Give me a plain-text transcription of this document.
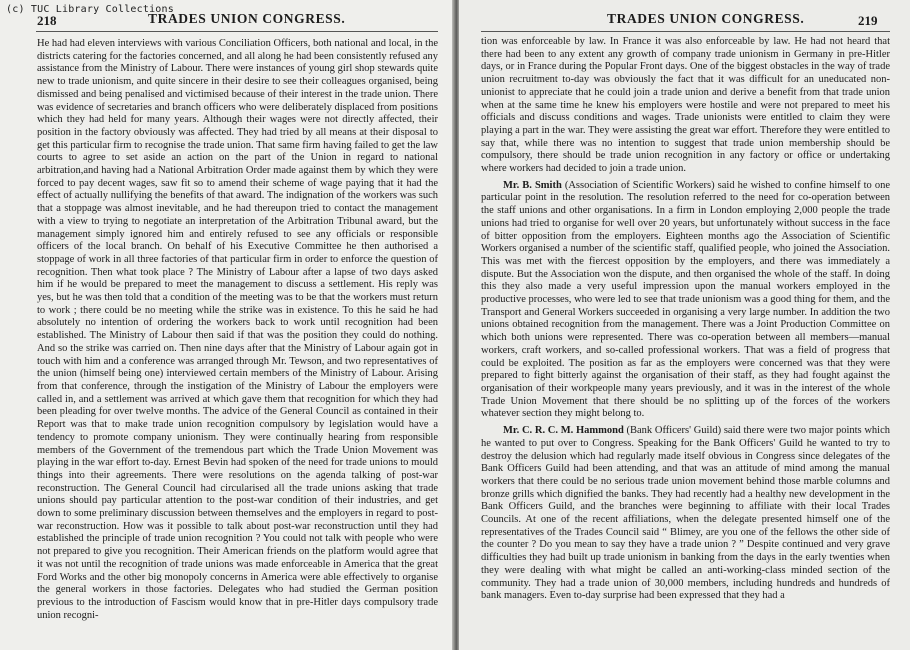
(c) TUC Library Collections
218	TRADES UNION CONGRESS.

He had had eleven interviews with various Conciliation Officers, both national and local, in the districts catering for the factories concerned, and all along he had been consistently refused any assistance from the Ministry of Labour. There were instances of young girl shop stewards quite new to trade unionism, and quite sincere in their desire to see their colleagues organised, being dismissed and being penalised and victimised because of their interest in the trade union. There was evidence of secretaries and branch officers who were deliberately displaced from positions which they had held for many years. Although their wages were not directly affected, their position in the factory obviously was affected. They had tried by all means at their disposal to get this particular firm to recognise the trade union. That same firm having failed to get the law courts to agree to set aside an action on the part of the Union in regard to national arbitration,and having had a National Arbitration Order made against them by which they were forced to pay decent wages, saw fit so to amend their scheme of wage paying that it had the effect of actually nullifying the benefits of that award. The indignation of the workers was such that a stoppage was almost inevitable, and he had thereupon tried to contact the management with a view to trying to negotiate an interpretation of the Arbitration Tribunal award, but the management simply ignored him and entirely refused to see any officials or responsible officers of the local branch. On behalf of his Executive Committee he then authorised a stoppage of work in all three factories of that particular firm in order to enforce the question of recognition. Then what took place ? The Ministry of Labour after a lapse of two days asked him if he would be prepared to meet the management to discuss a settlement. His reply was yes, but he was then told that a condition of the meeting was to be that the workers must return to work ; there could be no meeting while the strike was in existence. To this he said he had absolutely no intention of ordering the workers back to work until recognition had been established. The Ministry of Labour then said if that was the position they could do nothing. And so the strike was carried on. Then nine days after that the Ministry of Labour again got in touch with him and a conference was arranged through Mr. Tewson, and two representatives of the union (himself being one) interviewed certain members of the Ministry of Labour. Arising from that conference, through the instigation of the Ministry of Labour the employers were called in, and a settlement was arrived at which gave them that recognition for which they had been pleading for over twelve months. The advice of the General Council as contained in their Report was that to make trade union recognition compulsory by legislation would have a tendency to promote company unionism. They were continually hearing from responsible members of the Government of the tremendous part which the Trade Union Movement was playing in the war effort to-day. Ernest Bevin had spoken of the need for trade unions to mould things into their agreements. There were resolutions on the agenda talking of post-war reconstruction. The General Council had circularised all the trade unions asking that trade unions should pay particular attention to the post-war condition of their industries, and get down to some preliminary discussion between themselves and the employers in regard to post-war reconstruction. How was it possible to talk about post-war reconstruction until they had established the principle of trade union recognition ? You could not talk with people who were not prepared to give you recognition. Their American friends on the platform would agree that it was not until the recognition of trade unions was made enforceable in America that the great Ford Works and the other big monopoly concerns in America were able effectively to organise the general workers in those factories. Delegates who had studied the German position previous to the introduction of Fascism would know that in pre-Hitler days compulsory trade union recogni-

TRADES UNION CONGRESS.	219

tion was enforceable by law. In France it was also enforceable by law. He had not heard that there had been to any extent any growth of company trade unionism in Germany in pre-Hitler days, or in France during the Popular Front days. One of the biggest obstacles in the way of trade union recruitment to-day was obviously the fact that it was difficult for an uneducated non-unionist to appreciate that he could join a trade union and derive a benefit from that trade union when at the same time he knew his employers were hostile and were not prepared to meet his officials and discuss conditions and wages. Trade unionists were entitled to claim they were playing a part in the war. They were assisting the great war effort. Therefore they were entitled to say that, while there was no intention to suggest that trade union membership should be compulsory, there should be trade union recognition in any factory or office or undertaking where workers had decided to join a trade union.

Mr. B. Smith (Association of Scientific Workers) said he wished to confine himself to one particular point in the resolution. The resolution referred to the need for co-operation between the staff unions and other organisations. In a firm in London employing 2,000 people the trade unions had tried to organise for well over 20 years, but unfortunately without success in the face of bitter opposition from the employers. Eighteen months ago the Association of Scientific Workers organised a number of the scientific staff, qualified people, who joined the Association. This was met with the fiercest opposition by the employers, and there was immediately a dispute. But the Association won the dispute, and then organised the whole of the staff. In doing this they also made a very useful impression upon the manual workers employed in the productive processes, who were led to see that trade unionism was a good thing for them, and the Transport and General Workers succeeded in organising a very large number. In addition the two unions obtained recognition from the management. There was a Joint Production Committee on which both unions were represented. There was co-operation between all members—manual workers, craft workers, and so-called professional workers. That was a field of progress that could be exploited. The position as far as the employers were concerned was that they were prepared to fight bitterly against the organisation of their staff, as they had fought against the organisation of their workpeople many years previously, and it was in the interest of the whole Trade Union Movement that there should be no splitting up of the forces of the workers whatever section they might belong to.

Mr. C. R. C. M. Hammond (Bank Officers' Guild) said there were two major points which he wanted to put over to Congress. Speaking for the Bank Officers' Guild he wanted to try to destroy the delusion which had regularly made itself obvious in Congress since delegates of the Bank Officers Guild had been attending, and that was an attitude of mind among the manual workers that there could be no serious trade union movement behind those marble columns and bronze grills which dignified the banks. They had recently had a healthy new development in the Bank Officers Guild, and the branches were beginning to affiliate with their local Trades Councils. At one of the recent affiliations, when the delegate presented himself one of the representatives of the Trades Council said “ Blimey, are you one of the fellows the other side of the counter ? Do you mean to say they have a trade union ? ” Despite continued and very grave difficulties they had built up trade unionism in banking from the days in the early twenties when they were dealing with what might be called an anti-working-class minded section of the community. They had a trade union of 30,000 members, including hundreds and hundreds of bank managers. Even to-day surprise had been expressed that they had a
